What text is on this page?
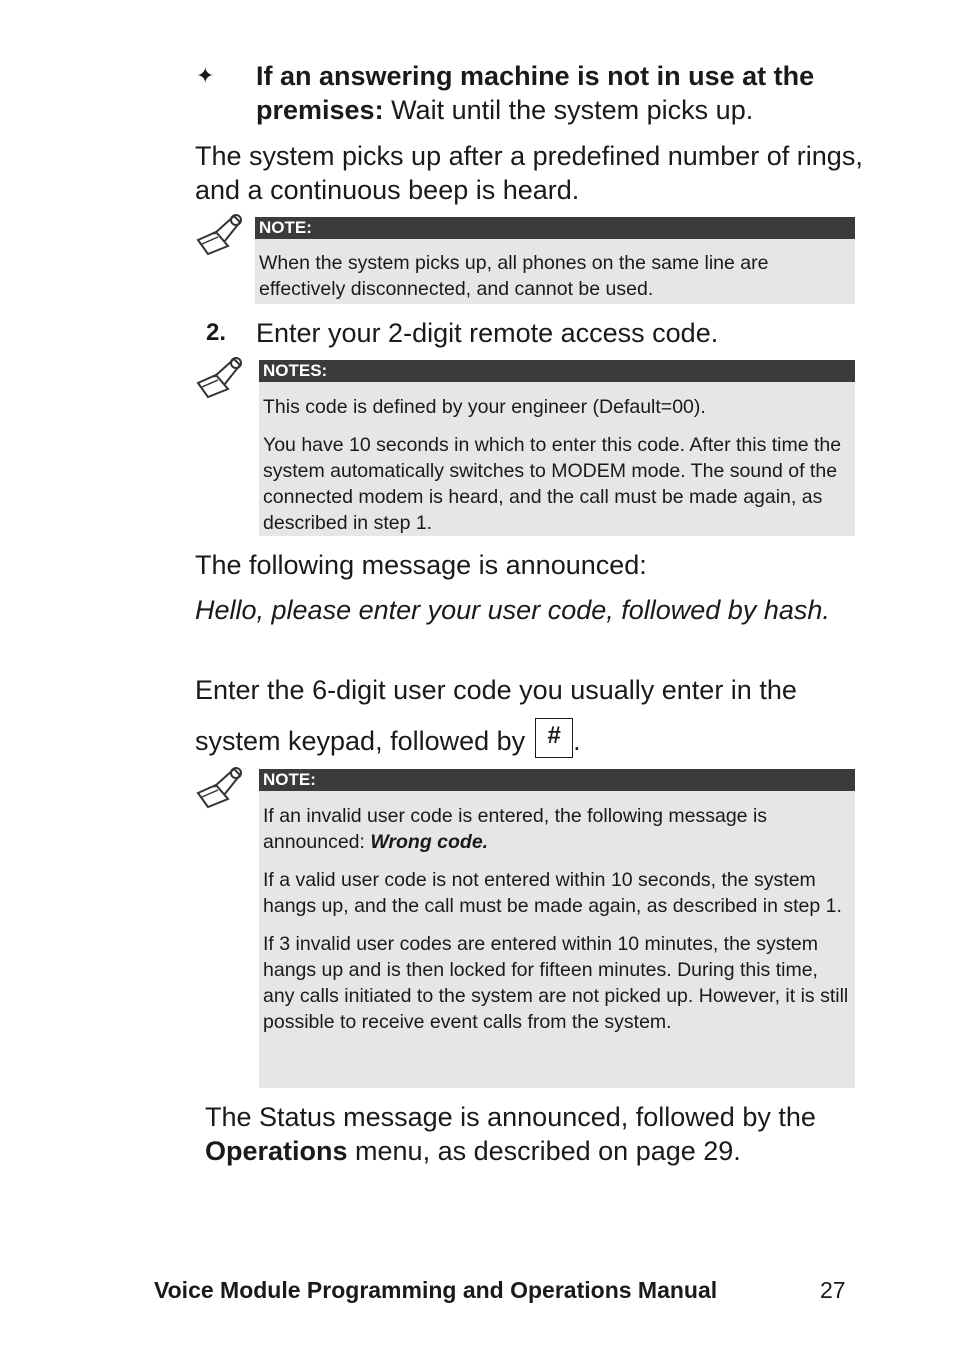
✦	If an answering machine is not in use at the premises: Wait until the system picks up.

The system picks up after a predefined number of rings, and a continuous beep is heard.

NOTE:

When the system picks up, all phones on the same line are effectively disconnected, and cannot be used.

2. Enter your 2-digit remote access code.

NOTES:

This code is defined by your engineer (Default=00).

You have 10 seconds in which to enter this code. After this time the system automatically switches to MODEM mode. The sound of the connected modem is heard, and the call must be made again, as described in step 1.

The following message is announced:

Hello, please enter your user code, followed by hash.

Enter the 6-digit user code you usually enter in the

system keypad, followed by # .
NOTE:

If an invalid user code is entered, the following message is announced: Wrong code.

If a valid user code is not entered within 10 seconds, the system hangs up, and the call must be made again, as described in step 1.

If 3 invalid user codes are entered within 10 minutes, the system hangs up and is then locked for fifteen minutes. During this time, any calls initiated to the system are not picked up. However, it is still possible to receive event calls from the system.

The Status message is announced, followed by the Operations menu, as described on page 29.

Voice Module Programming and Operations Manual	27
